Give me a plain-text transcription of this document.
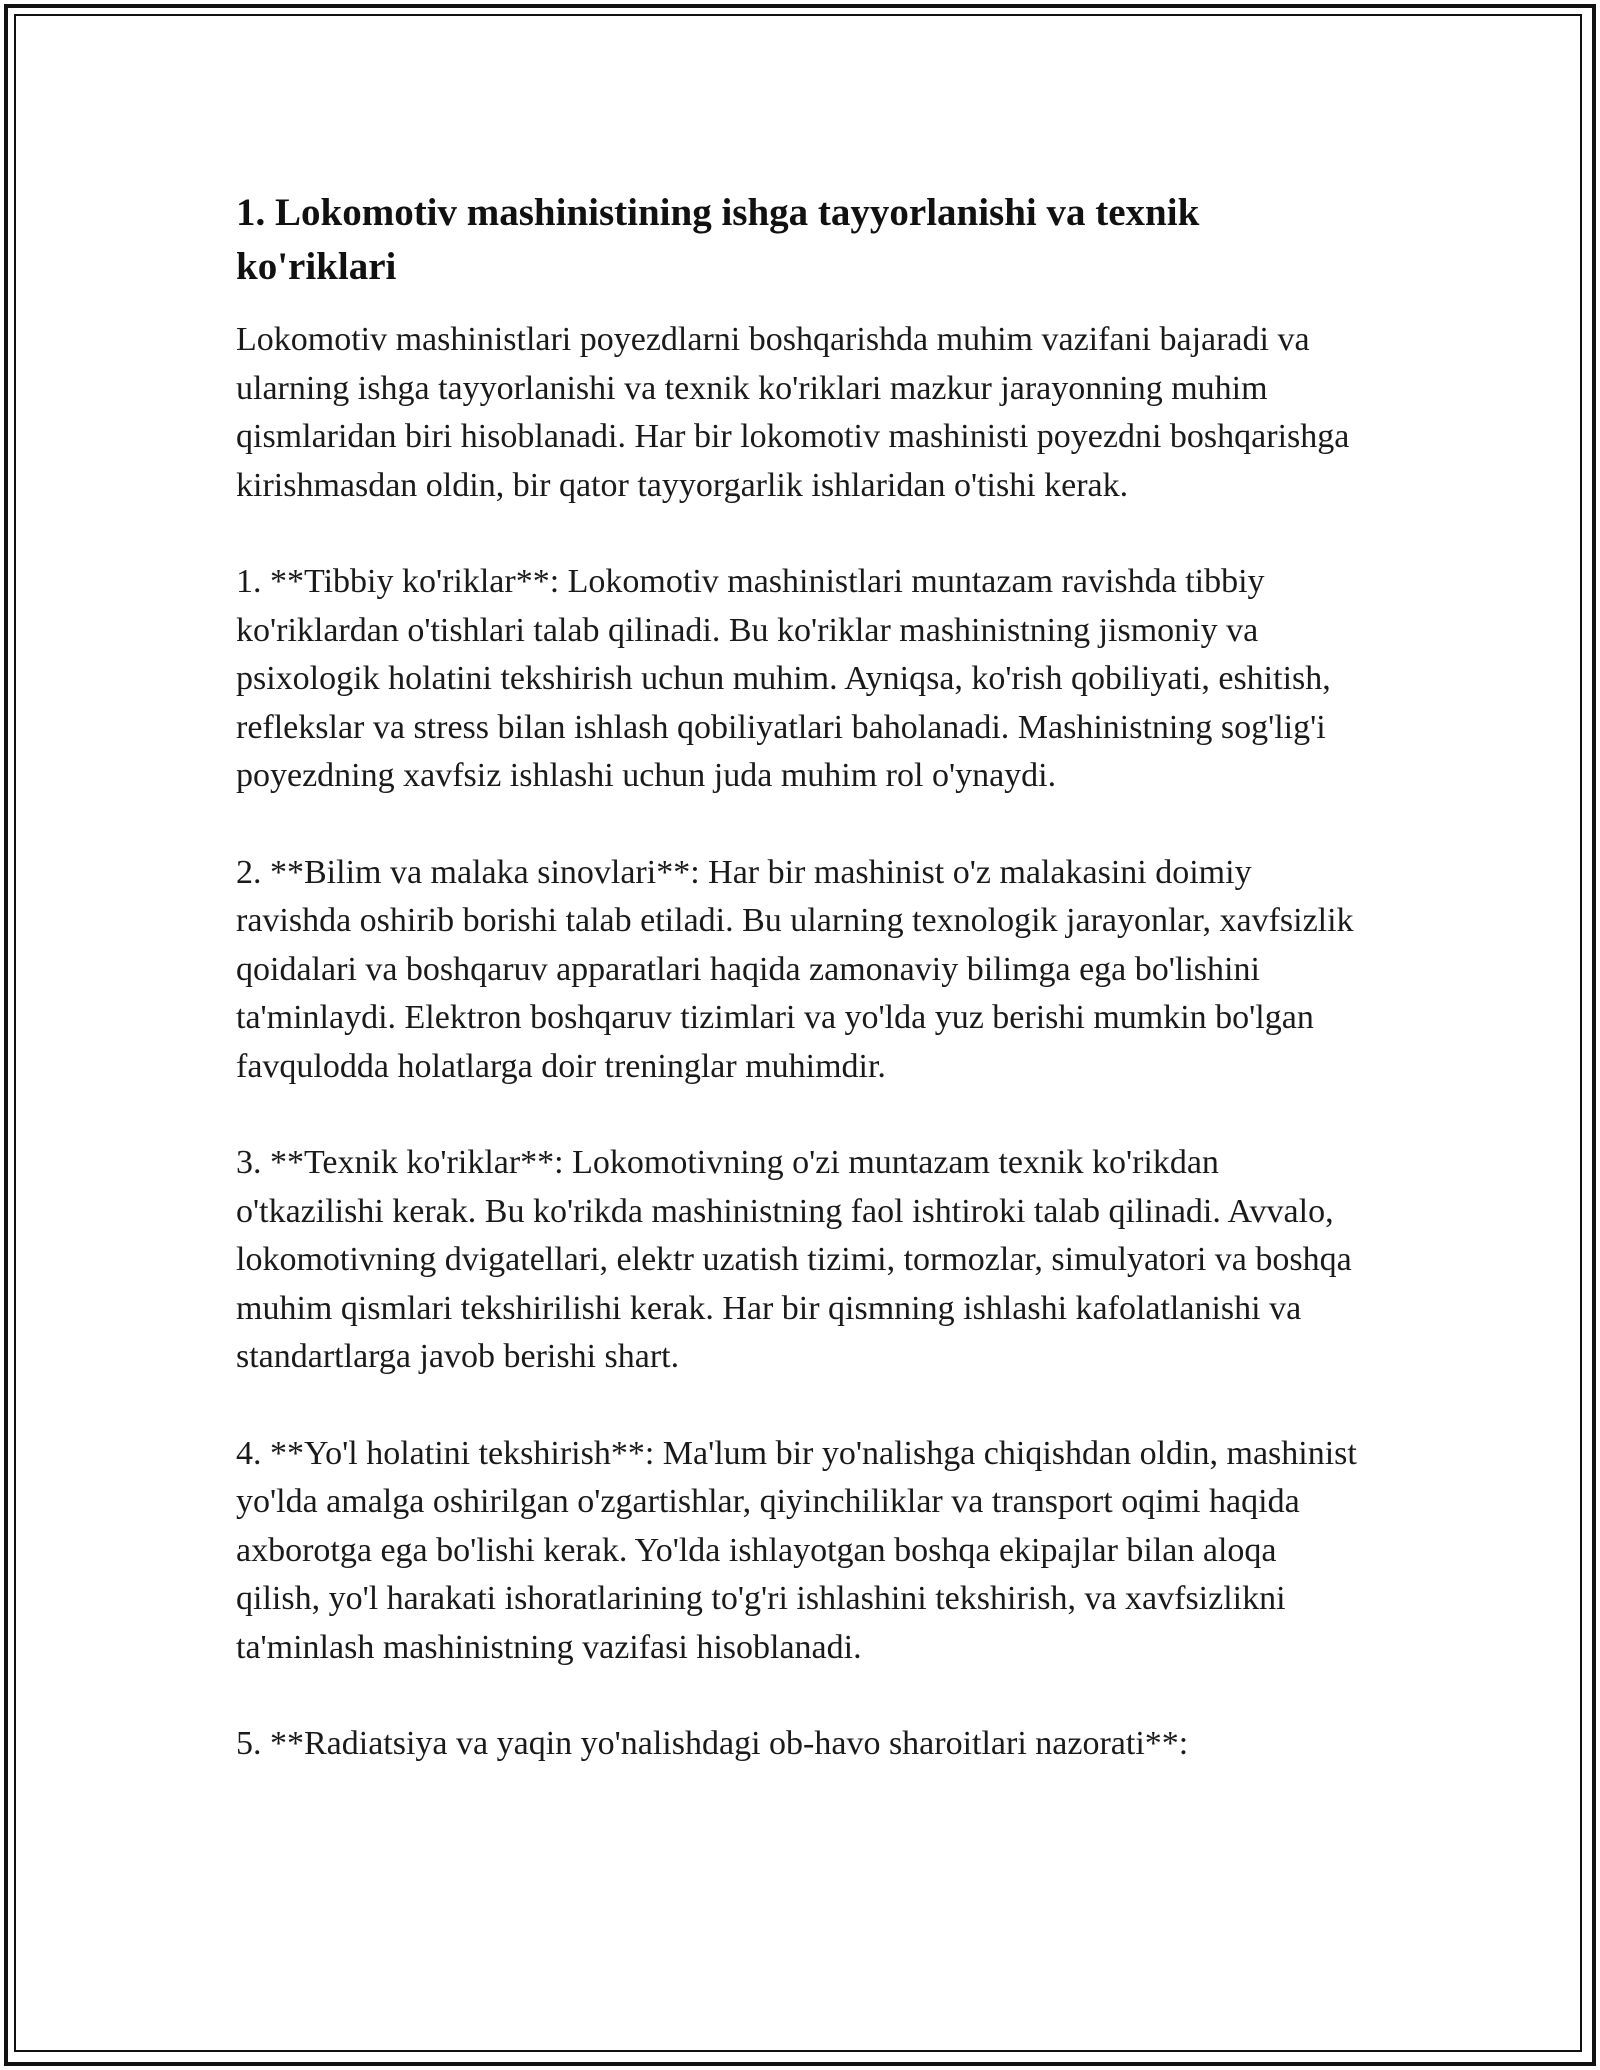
1. Lokomotiv mashinistining ishga tayyorlanishi va texnik ko'riklari

Lokomotiv mashinistlari poyezdlarni boshqarishda muhim vazifani bajaradi va ularning ishga tayyorlanishi va texnik ko'riklari mazkur jarayonning muhim qismlaridan biri hisoblanadi. Har bir lokomotiv mashinisti poyezdni boshqarishga kirishmasdan oldin, bir qator tayyorgarlik ishlaridan o'tishi kerak.

1. **Tibbiy ko'riklar**: Lokomotiv mashinistlari muntazam ravishda tibbiy ko'riklardan o'tishlari talab qilinadi. Bu ko'riklar mashinistning jismoniy va psixologik holatini tekshirish uchun muhim. Ayniqsa, ko'rish qobiliyati, eshitish, reflekslar va stress bilan ishlash qobiliyatlari baholanadi. Mashinistning sog'lig'i poyezdning xavfsiz ishlashi uchun juda muhim rol o'ynaydi.

2. **Bilim va malaka sinovlari**: Har bir mashinist o'z malakasini doimiy ravishda oshirib borishi talab etiladi. Bu ularning texnologik jarayonlar, xavfsizlik qoidalari va boshqaruv apparatlari haqida zamonaviy bilimga ega bo'lishini ta'minlaydi. Elektron boshqaruv tizimlari va yo'lda yuz berishi mumkin bo'lgan favqulodda holatlarga doir treninglar muhimdir.

3. **Texnik ko'riklar**: Lokomotivning o'zi muntazam texnik ko'rikdan o'tkazilishi kerak. Bu ko'rikda mashinistning faol ishtiroki talab qilinadi. Avvalo, lokomotivning dvigatellari, elektr uzatish tizimi, tormozlar, simulyatori va boshqa muhim qismlari tekshirilishi kerak. Har bir qismning ishlashi kafolatlanishi va standartlarga javob berishi shart.

4. **Yo'l holatini tekshirish**: Ma'lum bir yo'nalishga chiqishdan oldin, mashinist yo'lda amalga oshirilgan o'zgartishlar, qiyinchiliklar va transport oqimi haqida axborotga ega bo'lishi kerak. Yo'lda ishlayotgan boshqa ekipajlar bilan aloqa qilish, yo'l harakati ishoratlarining to'g'ri ishlashini tekshirish, va xavfsizlikni ta'minlash mashinistning vazifasi hisoblanadi.

5. **Radiatsiya va yaqin yo'nalishdagi ob-havo sharoitlari nazorati**:
